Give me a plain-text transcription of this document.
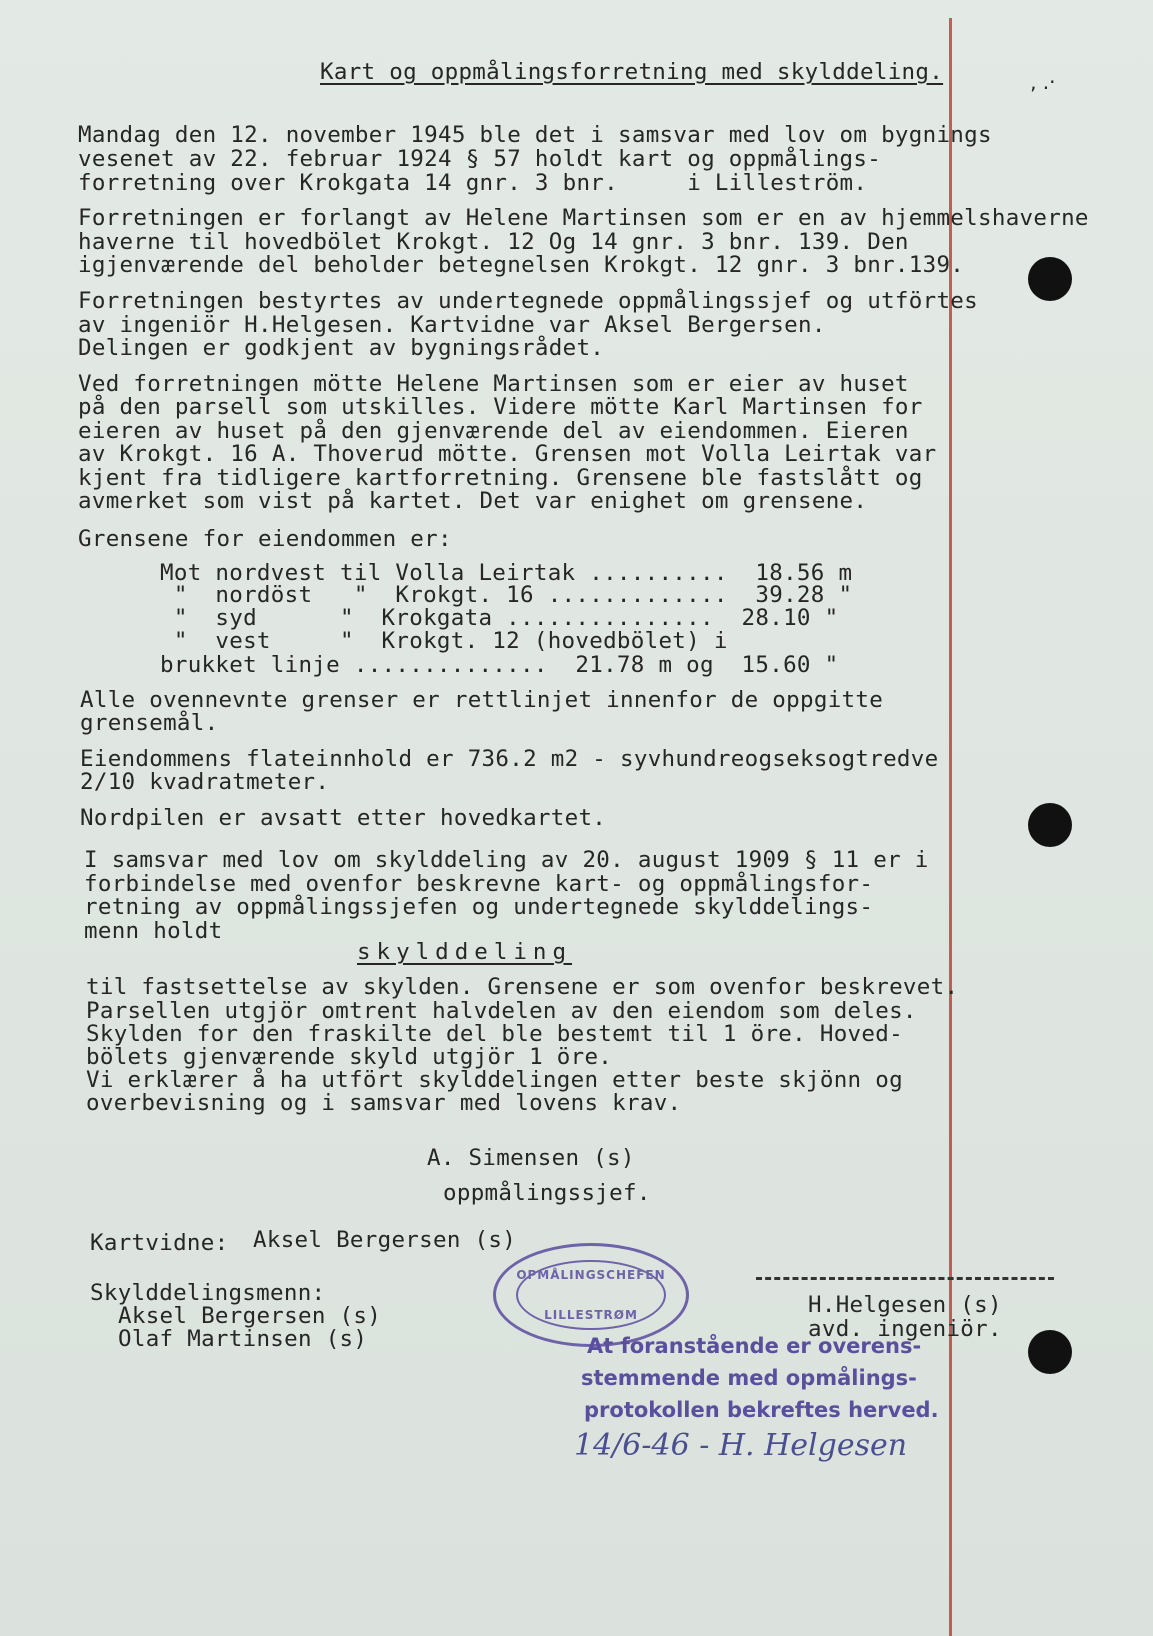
‚ .·

Kart og oppmålingsforretning med skylddeling.

Mandag den 12. november 1945 ble det i samsvar med lov om bygnings

vesenet av 22. februar 1924 § 57 holdt kart og oppmålings-

forretning over Krokgata 14 gnr. 3 bnr.     i Lilleström.

Forretningen er forlangt av Helene Martinsen som er en av hjemmelshaverne

haverne til hovedbölet Krokgt. 12 Og 14 gnr. 3 bnr. 139. Den

igjenværende del beholder betegnelsen Krokgt. 12 gnr. 3 bnr.139.

Forretningen bestyrtes av undertegnede oppmålingssjef og utförtes

av ingeniör H.Helgesen. Kartvidne var Aksel Bergersen.

Delingen er godkjent av bygningsrådet.

Ved forretningen mötte Helene Martinsen som er eier av huset

på den parsell som utskilles. Videre mötte Karl Martinsen for

eieren av huset på den gjenværende del av eiendommen. Eieren

av Krokgt. 16 A. Thoverud mötte. Grensen mot Volla Leirtak var

kjent fra tidligere kartforretning. Grensene ble fastslått og

avmerket som vist på kartet. Det var enighet om grensene.

Grensene for eiendommen er:

Mot nordvest til Volla Leirtak ..........  18.56 m

"  nordöst   "  Krokgt. 16 .............  39.28 "

"  syd      "  Krokgata ...............  28.10 "

"  vest     "  Krokgt. 12 (hovedbölet) i

brukket linje ..............  21.78 m og  15.60 "

Alle ovennevnte grenser er rettlinjet innenfor de oppgitte

grensemål.

Eiendommens flateinnhold er 736.2 m2 - syvhundreogseksogtredve

2/10 kvadratmeter.

Nordpilen er avsatt etter hovedkartet.

I samsvar med lov om skylddeling av 20. august 1909 § 11 er i

forbindelse med ovenfor beskrevne kart- og oppmålingsfor-

retning av oppmålingssjefen og undertegnede skylddelings-

menn holdt

skylddeling

til fastsettelse av skylden. Grensene er som ovenfor beskrevet.

Parsellen utgjör omtrent halvdelen av den eiendom som deles.

Skylden for den fraskilte del ble bestemt til 1 öre. Hoved-

bölets gjenværende skyld utgjör 1 öre.

Vi erklærer å ha utfört skylddelingen etter beste skjönn og

overbevisning og i samsvar med lovens krav.

A. Simensen (s)

oppmålingssjef.

Kartvidne: Aksel Bergersen (s)

Skylddelingsmenn:

Aksel Bergersen (s)

Olaf Martinsen (s)

H.Helgesen (s)

avd. ingeniör.

OPMÅLINGSCHEFEN
LILLESTRØM

At foranstående er overens-

stemmende med opmålings-

protokollen bekreftes herved.

14/6-46 - H. Helgesen
